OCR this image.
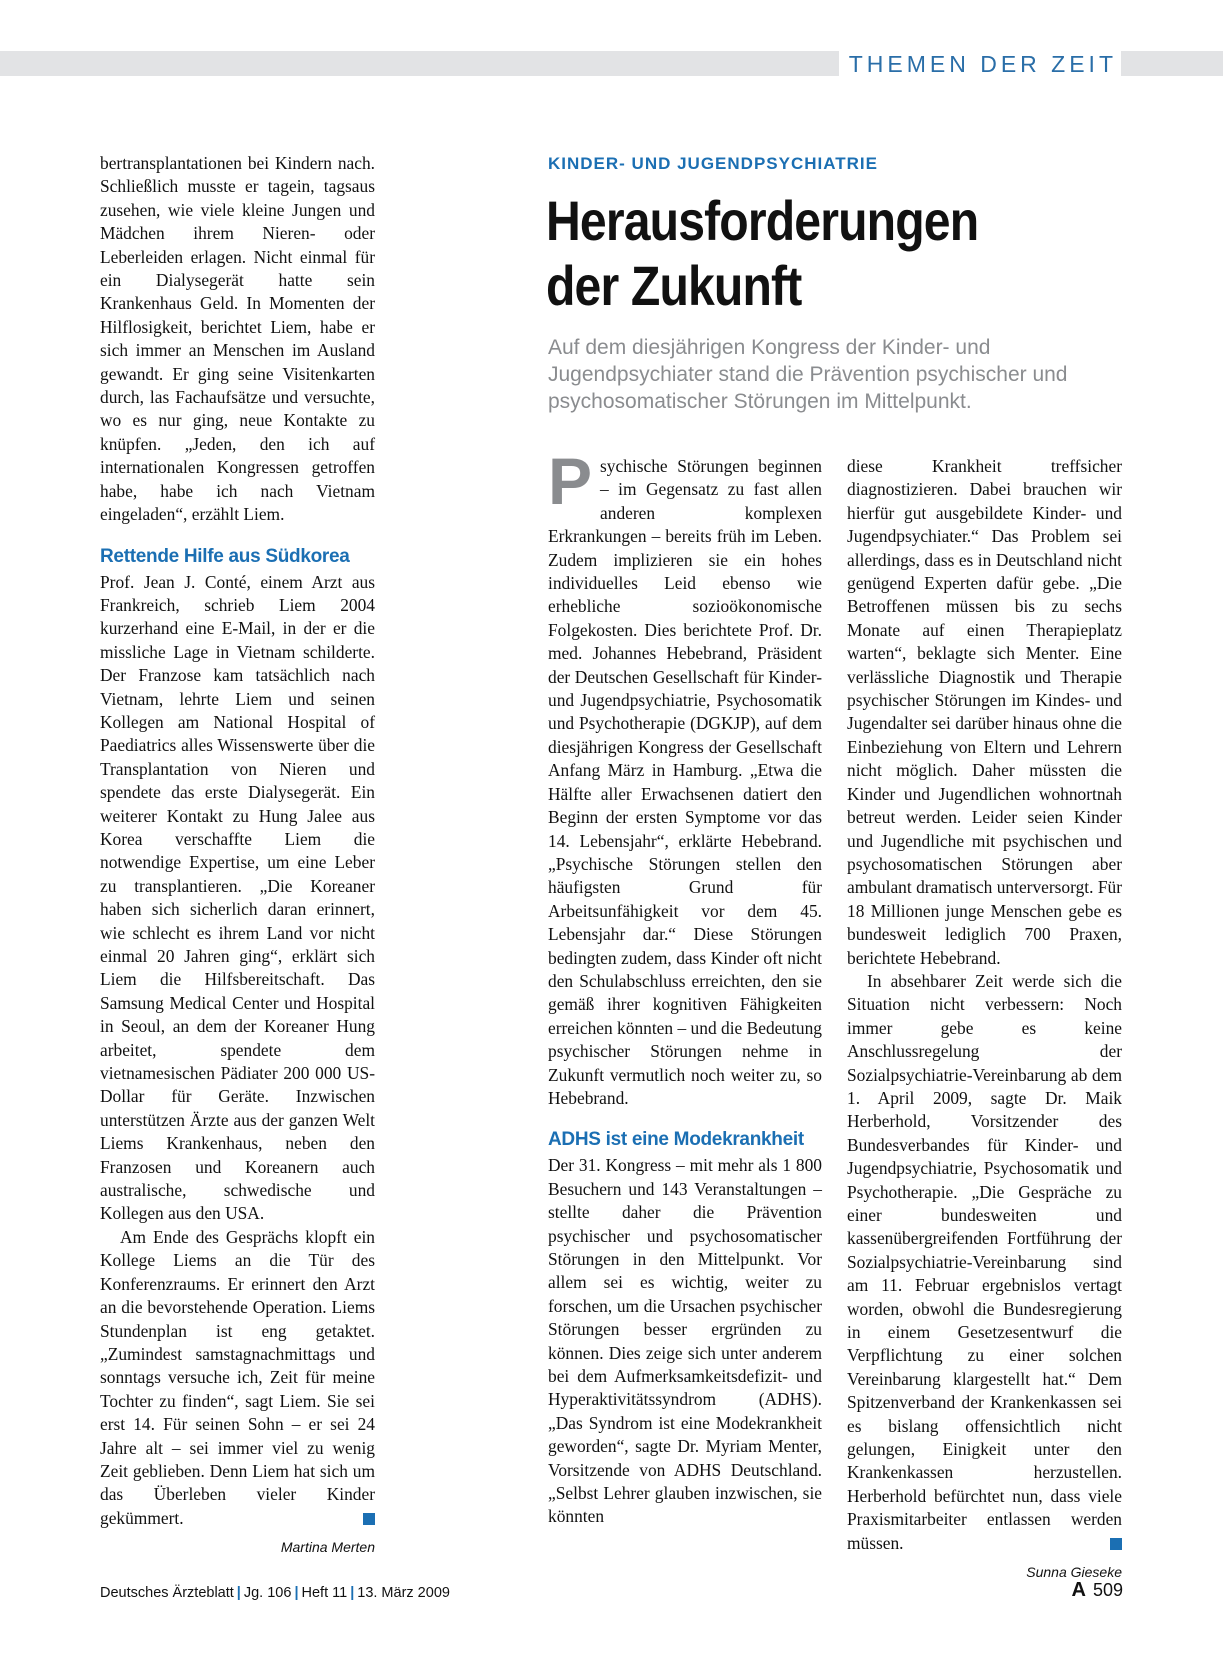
THEMEN DER ZEIT

bertransplantationen bei Kindern nach. Schließlich musste er tagein, tagsaus zusehen, wie viele kleine Jungen und Mädchen ihrem Nieren- oder Leberleiden erlagen. Nicht einmal für ein Dialysegerät hatte sein Krankenhaus Geld. In Momenten der Hilflosigkeit, berichtet Liem, habe er sich immer an Menschen im Ausland gewandt. Er ging seine Visitenkarten durch, las Fachaufsätze und versuchte, wo es nur ging, neue Kontakte zu knüpfen. „Jeden, den ich auf internationalen Kongressen getroffen habe, habe ich nach Vietnam eingeladen“, erzählt Liem.

Rettende Hilfe aus Südkorea

Prof. Jean J. Conté, einem Arzt aus Frankreich, schrieb Liem 2004 kurzerhand eine E-Mail, in der er die missliche Lage in Vietnam schilderte. Der Franzose kam tatsächlich nach Vietnam, lehrte Liem und seinen Kollegen am National Hospital of Paediatrics alles Wissenswerte über die Transplantation von Nieren und spendete das erste Dialysegerät. Ein weiterer Kontakt zu Hung Jalee aus Korea verschaffte Liem die notwendige Expertise, um eine Leber zu transplantieren. „Die Koreaner haben sich sicherlich daran erinnert, wie schlecht es ihrem Land vor nicht einmal 20 Jahren ging“, erklärt sich Liem die Hilfsbereitschaft. Das Samsung Medical Center und Hospital in Seoul, an dem der Koreaner Hung arbeitet, spendete dem vietnamesischen Pädiater 200 000 US-Dollar für Geräte. Inzwischen unterstützen Ärzte aus der ganzen Welt Liems Krankenhaus, neben den Franzosen und Koreanern auch australische, schwedische und Kollegen aus den USA.

Am Ende des Gesprächs klopft ein Kollege Liems an die Tür des Konferenzraums. Er erinnert den Arzt an die bevorstehende Operation. Liems Stundenplan ist eng getaktet. „Zumindest samstagnachmittags und sonntags versuche ich, Zeit für meine Tochter zu finden“, sagt Liem. Sie sei erst 14. Für seinen Sohn – er sei 24 Jahre alt – sei immer viel zu wenig Zeit geblieben. Denn Liem hat sich um das Überleben vieler Kinder gekümmert.

Martina Merten
KINDER- UND JUGENDPSYCHIATRIE
Herausforderungen
der Zukunft
Auf dem diesjährigen Kongress der Kinder- und Jugendpsychiater stand die Prävention psychischer und psychosomatischer Störungen im Mittelpunkt.

Psychische Störungen beginnen – im Gegensatz zu fast allen anderen komplexen Erkrankungen – bereits früh im Leben. Zudem implizieren sie ein hohes individuelles Leid ebenso wie erhebliche sozioökonomische Folgekosten. Dies berichtete Prof. Dr. med. Johannes Hebebrand, Präsident der Deutschen Gesellschaft für Kinder- und Jugendpsychiatrie, Psychosomatik und Psychotherapie (DGKJP), auf dem diesjährigen Kongress der Gesellschaft Anfang März in Hamburg. „Etwa die Hälfte aller Erwachsenen datiert den Beginn der ersten Symptome vor das 14. Lebensjahr“, erklärte Hebebrand. „Psychische Störungen stellen den häufigsten Grund für Arbeitsunfähigkeit vor dem 45. Lebensjahr dar.“ Diese Störungen bedingten zudem, dass Kinder oft nicht den Schulabschluss erreichten, den sie gemäß ihrer kognitiven Fähigkeiten erreichen könnten – und die Bedeutung psychischer Störungen nehme in Zukunft vermutlich noch weiter zu, so Hebebrand.

ADHS ist eine Modekrankheit

Der 31. Kongress – mit mehr als 1 800 Besuchern und 143 Veranstaltungen – stellte daher die Prävention psychischer und psychosomatischer Störungen in den Mittelpunkt. Vor allem sei es wichtig, weiter zu forschen, um die Ursachen psychischer Störungen besser ergründen zu können. Dies zeige sich unter anderem bei dem Aufmerksamkeitsdefizit- und Hyperaktivitätssyndrom (ADHS). „Das Syndrom ist eine Modekrankheit geworden“, sagte Dr. Myriam Menter, Vorsitzende von ADHS Deutschland. „Selbst Lehrer glauben inzwischen, sie könnten

diese Krankheit treffsicher diagnostizieren. Dabei brauchen wir hierfür gut ausgebildete Kinder- und Jugendpsychiater.“ Das Problem sei allerdings, dass es in Deutschland nicht genügend Experten dafür gebe. „Die Betroffenen müssen bis zu sechs Monate auf einen Therapieplatz warten“, beklagte sich Menter. Eine verlässliche Diagnostik und Therapie psychischer Störungen im Kindes- und Jugendalter sei darüber hinaus ohne die Einbeziehung von Eltern und Lehrern nicht möglich. Daher müssten die Kinder und Jugendlichen wohnortnah betreut werden. Leider seien Kinder und Jugendliche mit psychischen und psychosomatischen Störungen aber ambulant dramatisch unterversorgt. Für 18 Millionen junge Menschen gebe es bundesweit lediglich 700 Praxen, berichtete Hebebrand.

In absehbarer Zeit werde sich die Situation nicht verbessern: Noch immer gebe es keine Anschlussregelung der Sozialpsychiatrie-Vereinbarung ab dem 1. April 2009, sagte Dr. Maik Herberhold, Vorsitzender des Bundesverbandes für Kinder- und Jugendpsychiatrie, Psychosomatik und Psychotherapie. „Die Gespräche zu einer bundesweiten und kassenübergreifenden Fortführung der Sozialpsychiatrie-Vereinbarung sind am 11. Februar ergebnislos vertagt worden, obwohl die Bundesregierung in einem Gesetzesentwurf die Verpflichtung zu einer solchen Vereinbarung klargestellt hat.“ Dem Spitzenverband der Krankenkassen sei es bislang offensichtlich nicht gelungen, Einigkeit unter den Krankenkassen herzustellen. Herberhold befürchtet nun, dass viele Praxismitarbeiter entlassen werden müssen.

Sunna Gieseke
Deutsches Ärzteblatt | Jg. 106 | Heft 11 | 13. März 2009	A 509
